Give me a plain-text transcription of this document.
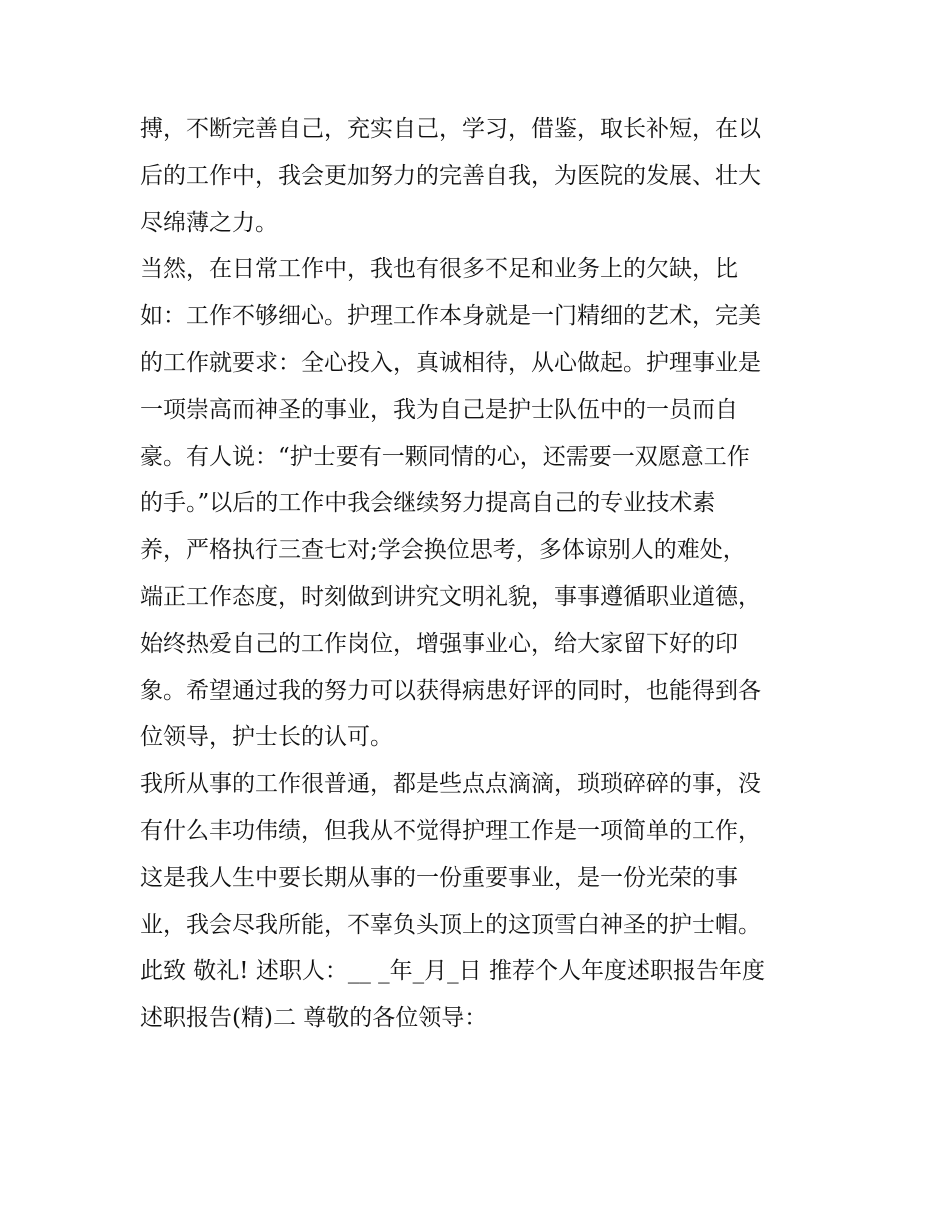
搏，不断完善自己，充实自己，学习，借鉴，取长补短，在以
后的工作中，我会更加努力的完善自我，为医院的发展、壮大
尽绵薄之力。
当然，在日常工作中，我也有很多不足和业务上的欠缺，比
如：工作不够细心。护理工作本身就是一门精细的艺术，完美
的工作就要求：全心投入，真诚相待，从心做起。护理事业是
一项崇高而神圣的事业，我为自己是护士队伍中的一员而自
豪。有人说：“护士要有一颗同情的心，还需要一双愿意工作
的手。”以后的工作中我会继续努力提高自己的专业技术素
养，严格执行三查七对;学会换位思考，多体谅别人的难处，
端正工作态度，时刻做到讲究文明礼貌，事事遵循职业道德，
始终热爱自己的工作岗位，增强事业心，给大家留下好的印
象。希望通过我的努力可以获得病患好评的同时，也能得到各
位领导，护士长的认可。
我所从事的工作很普通，都是些点点滴滴，琐琐碎碎的事，没
有什么丰功伟绩，但我从不觉得护理工作是一项简单的工作，
这是我人生中要长期从事的一份重要事业，是一份光荣的事
业，我会尽我所能，不辜负头顶上的这顶雪白神圣的护士帽。
此致 敬礼! 述职人：__ _年_月_日 推荐个人年度述职报告年度
述职报告(精)二 尊敬的各位领导：
